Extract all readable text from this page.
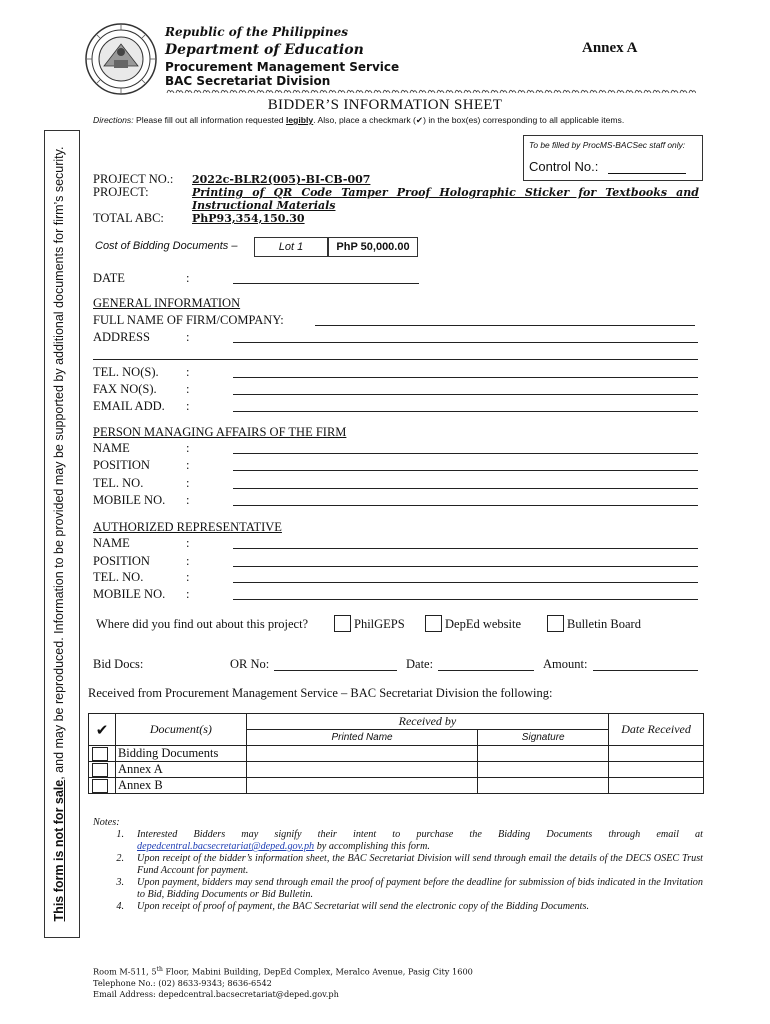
This form is not for sale, and may be reproduced. Information to be provided may be supported by additional documents for firm’s security.
Republic of the Philippines
Department of Education
Procurement Management Service
BAC Secretariat Division
Annex A
BIDDER’S INFORMATION SHEET
Directions: Please fill out all information requested legibly. Also, place a checkmark (✔) in the box(es) corresponding to all applicable items.
To be filled by ProcMS-BACSec staff only:
Control No.:
PROJECT NO.: 2022c-BLR2(005)-BI-CB-007
PROJECT:	Printing of QR Code Tamper Proof Holographic Sticker for Textbooks and
Instructional Materials
TOTAL ABC:	PhP93,354,150.30
Cost of Bidding Documents –	Lot 1	PhP 50,000.00
DATE	:
GENERAL INFORMATION
FULL NAME OF FIRM/COMPANY:
ADDRESS	:
TEL. NO(S). :
FAX NO(S). :
EMAIL ADD. :
PERSON MANAGING AFFAIRS OF THE FIRM
NAME	:
POSITION	:
TEL. NO.	:
MOBILE NO. :
AUTHORIZED REPRESENTATIVE
NAME	:
POSITION	:
TEL. NO.	:
MOBILE NO. :
Where did you find out about this project?	PhilGEPS	DepEd website	Bulletin Board
Bid Docs:	OR No:	Date:	Amount:
Received from Procurement Management Service – BAC Secretariat Division the following:
✔	Document(s)	Received by		Date Received
		Printed Name	Signature	

	Bidding Documents			

	Annex A			

	Annex B			
Notes:
1.	Interested Bidders may signify their intent to purchase the Bidding Documents through email at depedcentral.bacsecretariat@deped.gov.ph by accomplishing this form.
2.	Upon receipt of the bidder’s information sheet, the BAC Secretariat Division will send through email the details of the DECS OSEC Trust Fund Account for payment.
3.	Upon payment, bidders may send through email the proof of payment before the deadline for submission of bids indicated in the Invitation to Bid, Bidding Documents or Bid Bulletin.
4.	Upon receipt of proof of payment, the BAC Secretariat will send the electronic copy of the Bidding Documents.
Room M-511, 5th Floor, Mabini Building, DepEd Complex, Meralco Avenue, Pasig City 1600
Telephone No.: (02) 8633-9343; 8636-6542
Email Address: depedcentral.bacsecretariat@deped.gov.ph
